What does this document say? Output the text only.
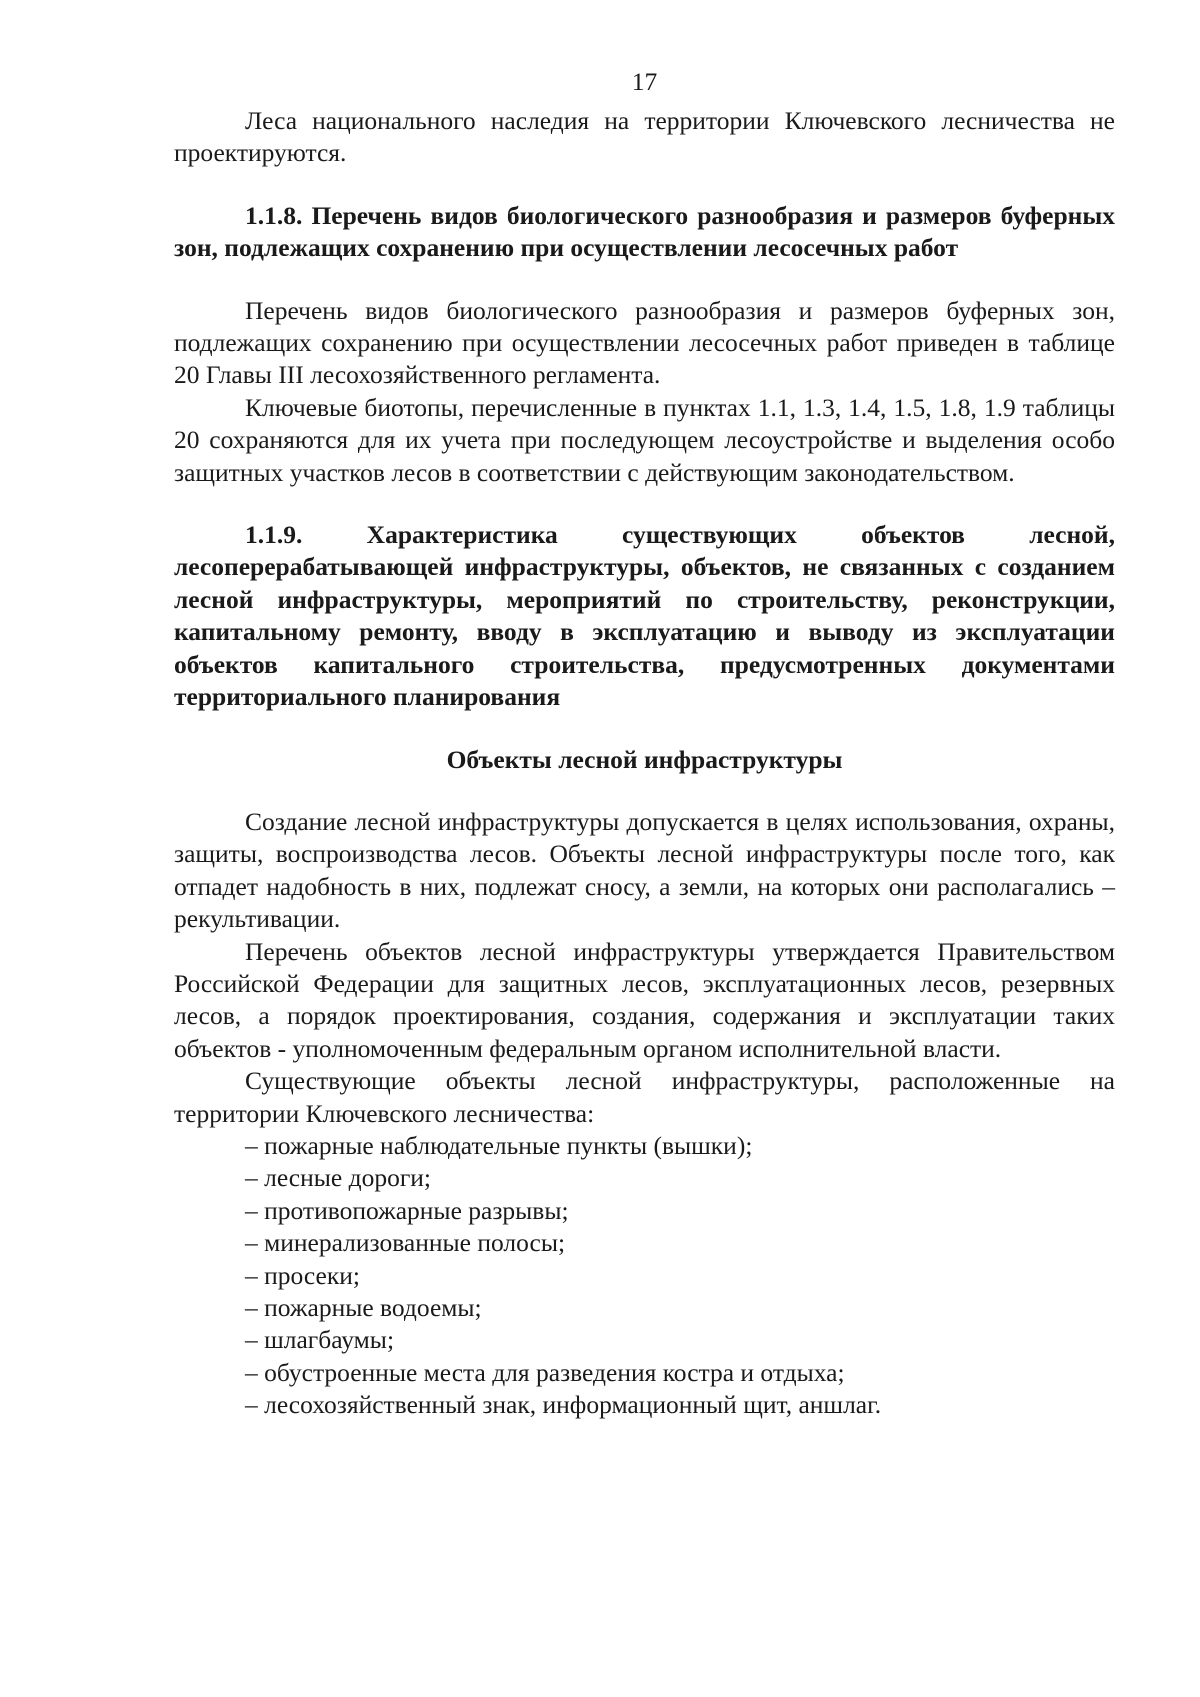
17

Леса национального наследия на территории Ключевского лесничества не проектируются.

1.1.8. Перечень видов биологического разнообразия и размеров буферных зон, подлежащих сохранению при осуществлении лесосечных работ

Перечень видов биологического разнообразия и размеров буферных зон, подлежащих сохранению при осуществлении лесосечных работ приведен в таблице 20 Главы III лесохозяйственного регламента.

Ключевые биотопы, перечисленные в пунктах 1.1, 1.3, 1.4, 1.5, 1.8, 1.9 таблицы 20 сохраняются для их учета при последующем лесоустройстве и выделения особо защитных участков лесов в соответствии с действующим законодательством.

1.1.9. Характеристика существующих объектов лесной, лесоперерабатывающей инфраструктуры, объектов, не связанных с созданием лесной инфраструктуры, мероприятий по строительству, реконструкции, капитальному ремонту, вводу в эксплуатацию и выводу из эксплуатации объектов капитального строительства, предусмотренных документами территориального планирования
Объекты лесной инфраструктуры

Создание лесной инфраструктуры допускается в целях использования, охраны, защиты, воспроизводства лесов. Объекты лесной инфраструктуры после того, как отпадет надобность в них, подлежат сносу, а земли, на которых они располагались – рекультивации.

Перечень объектов лесной инфраструктуры утверждается Правительством Российской Федерации для защитных лесов, эксплуатационных лесов, резервных лесов, а порядок проектирования, создания, содержания и эксплуатации таких объектов - уполномоченным федеральным органом исполнительной власти.

Существующие объекты лесной инфраструктуры, расположенные на территории Ключевского лесничества:

– пожарные наблюдательные пункты (вышки);
– лесные дороги;
– противопожарные разрывы;
– минерализованные полосы;
– просеки;
– пожарные водоемы;
– шлагбаумы;
– обустроенные места для разведения костра и отдыха;
– лесохозяйственный знак, информационный щит, аншлаг.
